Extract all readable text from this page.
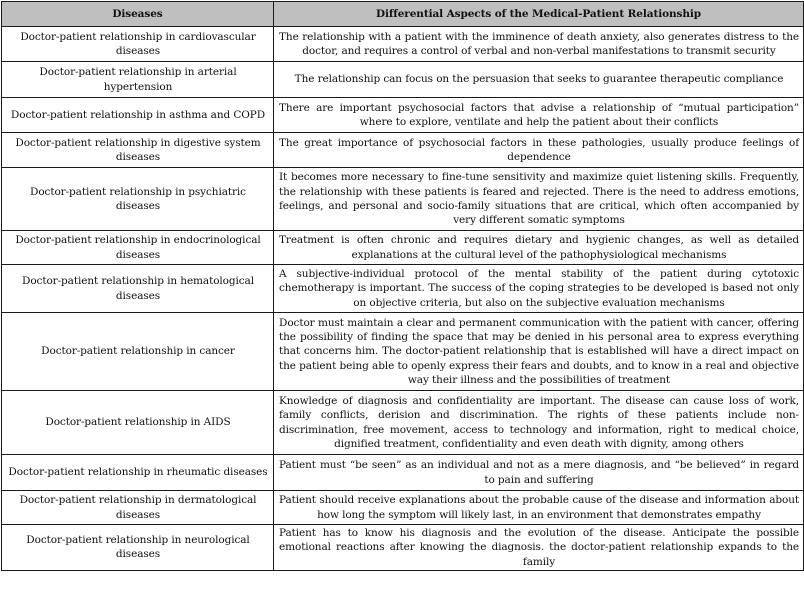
Diseases	Differential Aspects of the Medical-Patient Relationship
Doctor-patient relationship in cardiovascular diseases	The relationship with a patient with the imminence of death anxiety, also generates distress to the doctor, and requires a control of verbal and non-verbal manifestations to transmit security
Doctor-patient relationship in arterial hypertension	The relationship can focus on the persuasion that seeks to guarantee therapeutic compliance
Doctor-patient relationship in asthma and COPD	There are important psychosocial factors that advise a relationship of “mutual participation” where to explore, ventilate and help the patient about their conflicts
Doctor-patient relationship in digestive system diseases	The great importance of psychosocial factors in these pathologies, usually produce feelings of dependence
Doctor-patient relationship in psychiatric diseases	It becomes more necessary to fine-tune sensitivity and maximize quiet listening skills. Frequently, the relationship with these patients is feared and rejected. There is the need to address emotions, feelings, and personal and socio-family situations that are critical, which often accompanied by very different somatic symptoms
Doctor-patient relationship in endocrinological diseases	Treatment is often chronic and requires dietary and hygienic changes, as well as detailed explanations at the cultural level of the pathophysiological mechanisms
Doctor-patient relationship in hematological diseases	A subjective-individual protocol of the mental stability of the patient during cytotoxic chemotherapy is important. The success of the coping strategies to be developed is based not only on objective criteria, but also on the subjective evaluation mechanisms
Doctor-patient relationship in cancer	Doctor must maintain a clear and permanent communication with the patient with cancer, offering the possibility of finding the space that may be denied in his personal area to express everything that concerns him. The doctor-patient relationship that is established will have a direct impact on the patient being able to openly express their fears and doubts, and to know in a real and objective way their illness and the possibilities of treatment
Doctor-patient relationship in AIDS	Knowledge of diagnosis and confidentiality are important. The disease can cause loss of work, family conflicts, derision and discrimination. The rights of these patients include non-discrimination, free movement, access to technology and information, right to medical choice, dignified treatment, confidentiality and even death with dignity, among others
Doctor-patient relationship in rheumatic diseases	Patient must “be seen” as an individual and not as a mere diagnosis, and “be believed” in regard to pain and suffering
Doctor-patient relationship in dermatological diseases	Patient should receive explanations about the probable cause of the disease and information about how long the symptom will likely last, in an environment that demonstrates empathy
Doctor-patient relationship in neurological diseases	Patient has to know his diagnosis and the evolution of the disease. Anticipate the possible emotional reactions after knowing the diagnosis. the doctor-patient relationship expands to the family
